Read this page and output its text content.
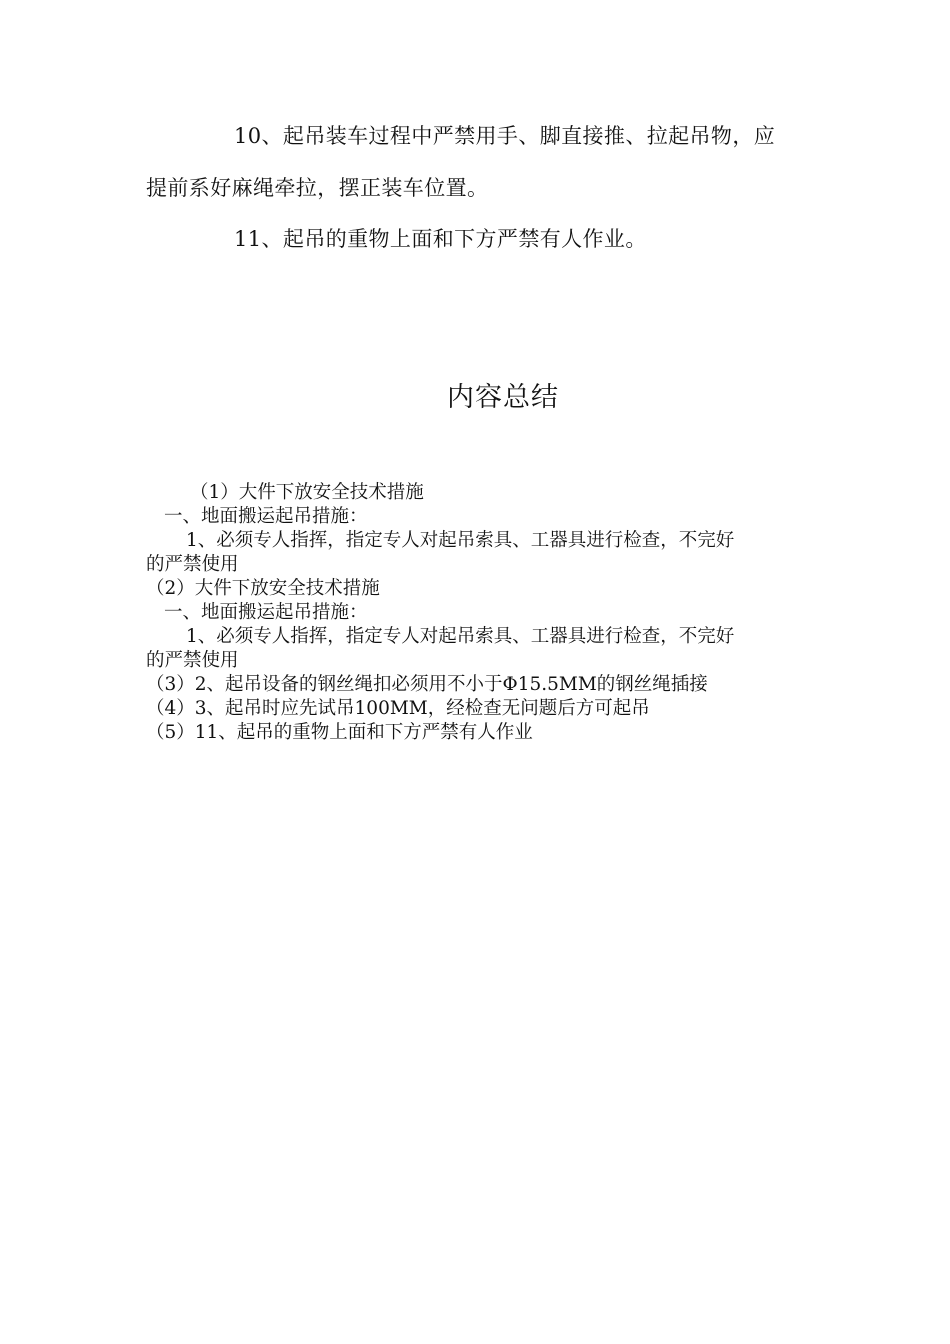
10、起吊装车过程中严禁用手、脚直接推、拉起吊物，应
提前系好麻绳牵拉，摆正装车位置。
11、起吊的重物上面和下方严禁有人作业。
内容总结
（1）大件下放安全技术措施
一、地面搬运起吊措施：
1、必须专人指挥，指定专人对起吊索具、工器具进行检查，不完好
的严禁使用
（2）大件下放安全技术措施
一、地面搬运起吊措施：
1、必须专人指挥，指定专人对起吊索具、工器具进行检查，不完好
的严禁使用
（3）2、起吊设备的钢丝绳扣必须用不小于Φ15.5MM的钢丝绳插接
（4）3、起吊时应先试吊100MM，经检查无问题后方可起吊
（5）11、起吊的重物上面和下方严禁有人作业
